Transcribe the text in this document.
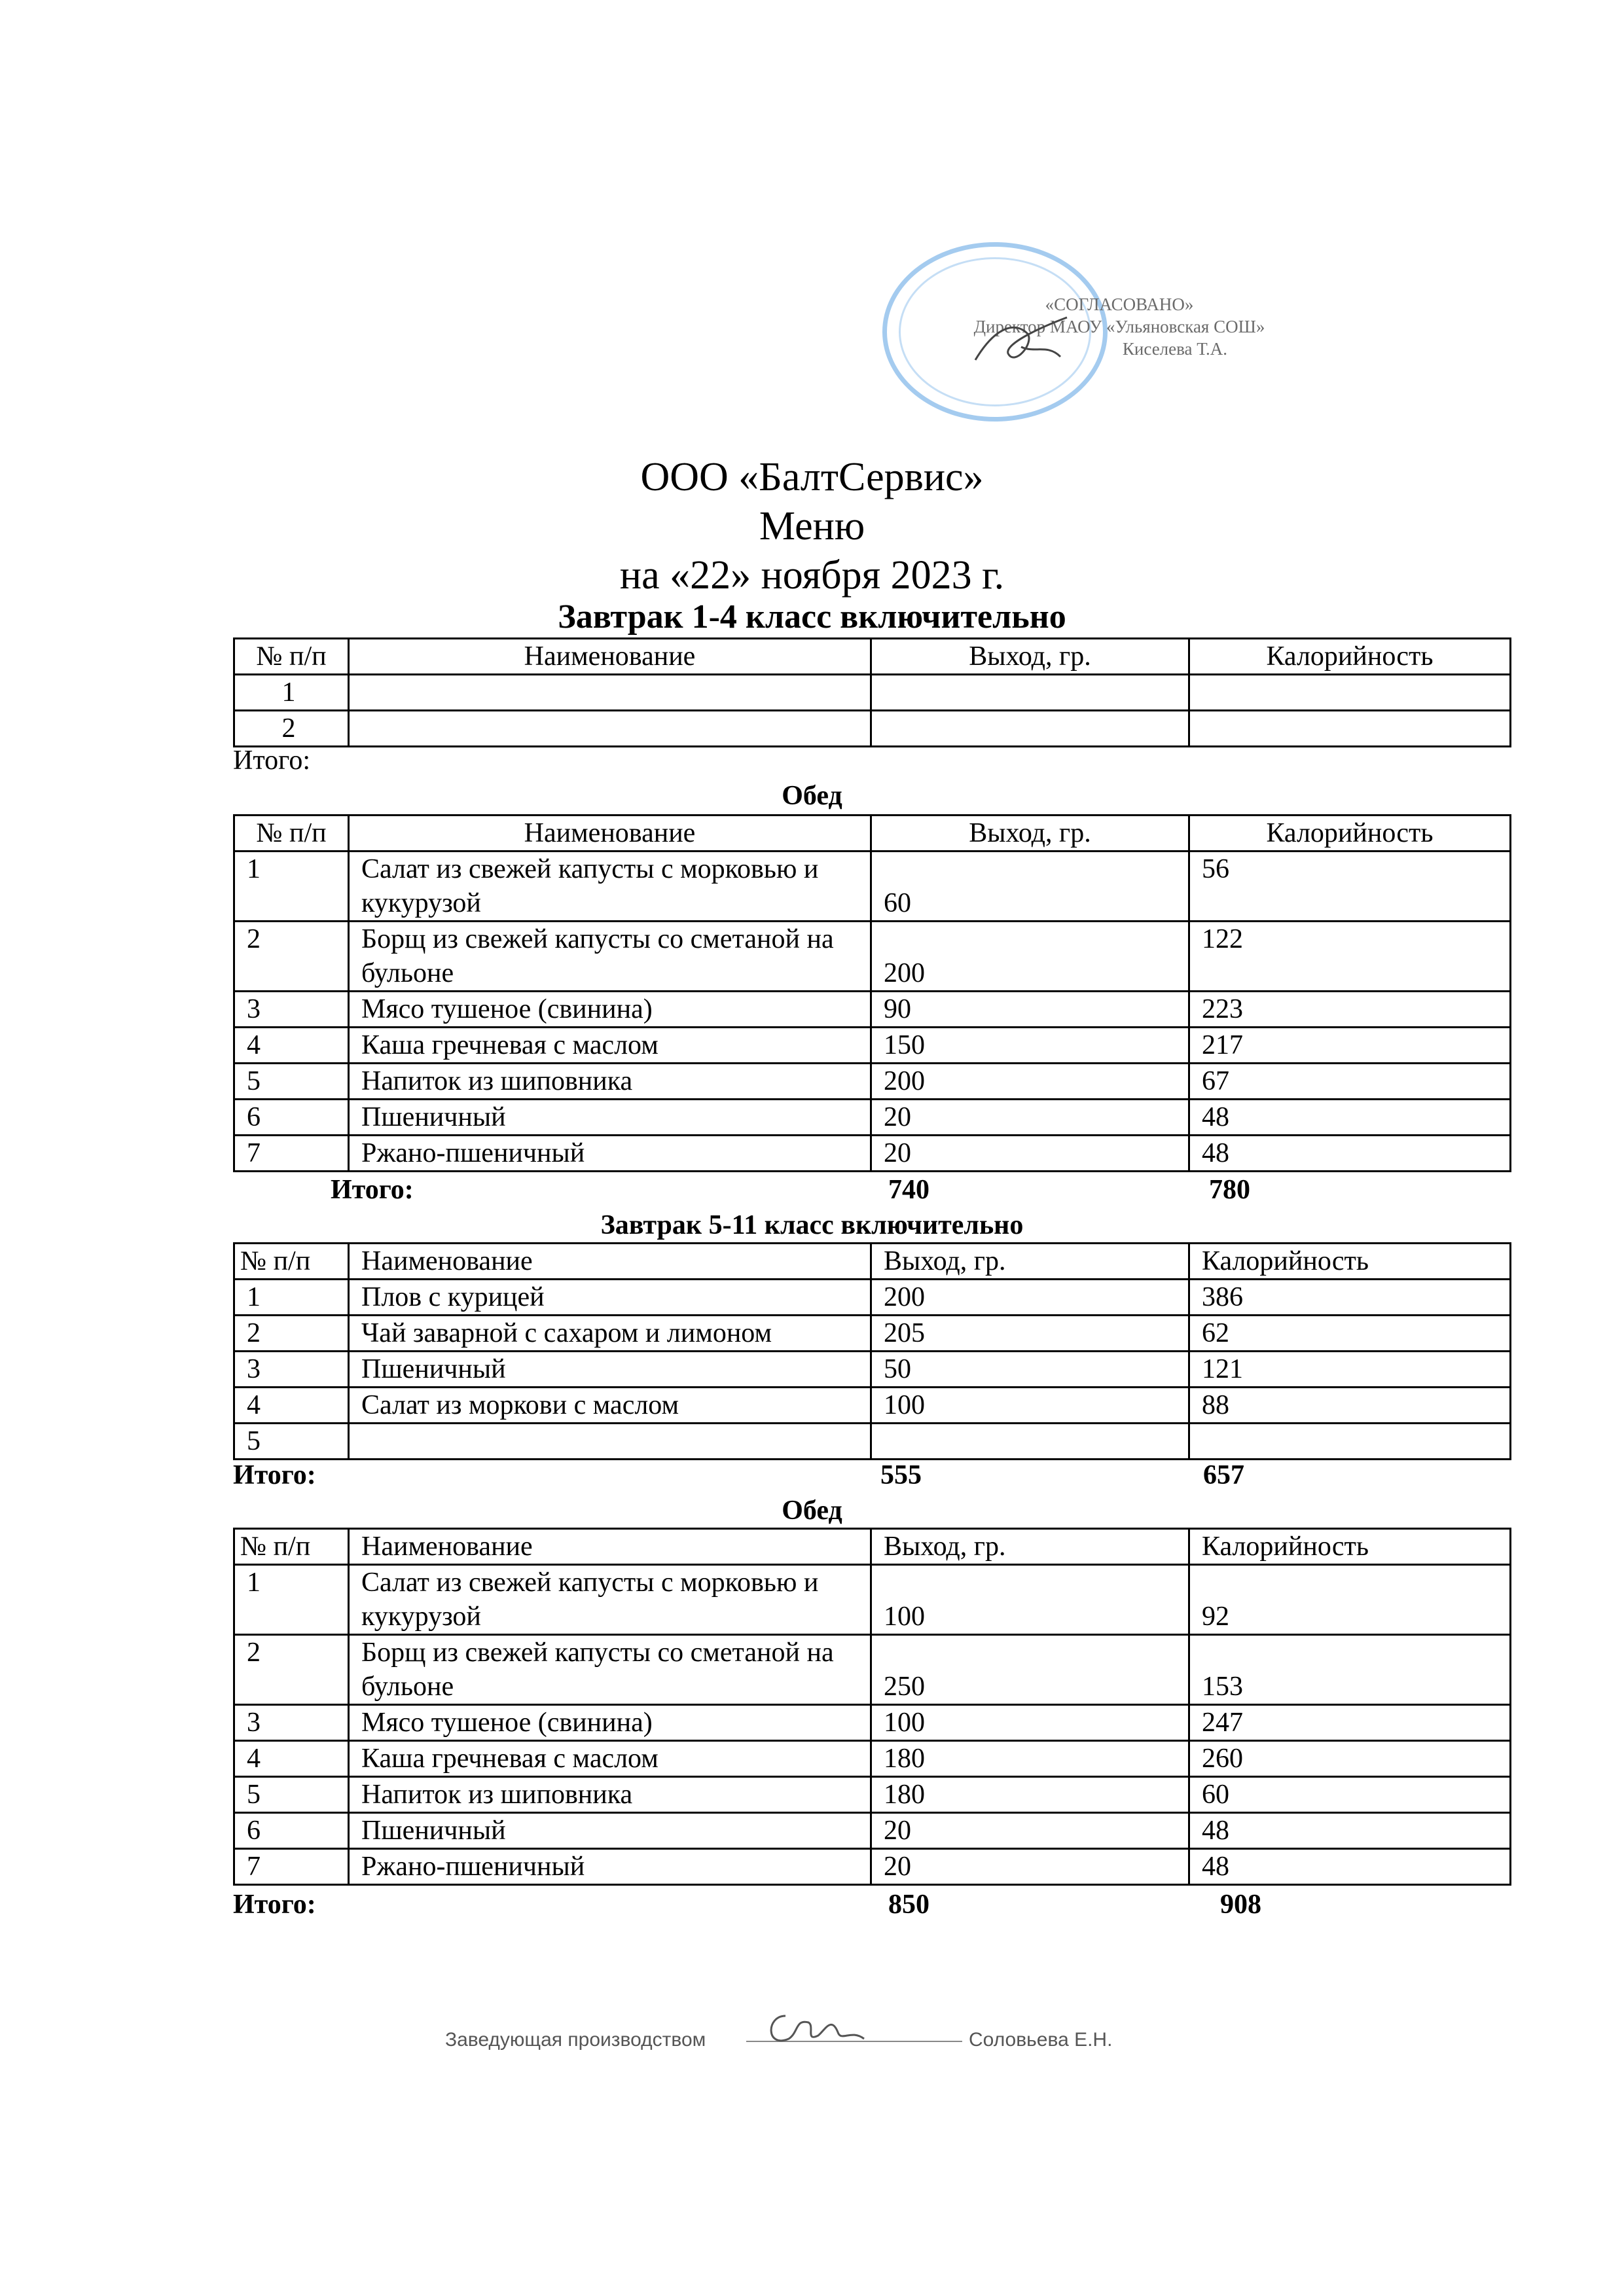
«СОГЛАСОВАНО»
Директор МАОУ «Ульяновская СОШ»
Киселева Т.А.
ООО «БалтСервис»
Меню
на «22» ноября 2023 г.
Завтрак 1-4 класс включительно
№ п/п	Наименование	Выход, гр.	Калорийность
1			
2			
Итого:
Обед
№ п/п	Наименование	Выход, гр.	Калорийность
1	Салат из свежей капусты с морковью и кукурузой	60	56
2	Борщ из свежей капусты со сметаной на бульоне	200	122
3	Мясо тушеное (свинина)	90	223
4	Каша гречневая с маслом	150	217
5	Напиток из шиповника	200	67
6	Пшеничный	20	48
7	Ржано-пшеничный	20	48
Итого:	740	780
Завтрак 5-11 класс включительно
№ п/п	Наименование	Выход, гр.	Калорийность
1	Плов с курицей	200	386
2	Чай заварной с сахаром и лимоном	205	62
3	Пшеничный	50	121
4	Салат из моркови с маслом	100	88
5			
Итого:	555	657
Обед
№ п/п	Наименование	Выход, гр.	Калорийность
1	Салат из свежей капусты с морковью и кукурузой	100	92
2	Борщ из свежей капусты со сметаной на бульоне	250	153
3	Мясо тушеное (свинина)	100	247
4	Каша гречневая с маслом	180	260
5	Напиток из шиповника	180	60
6	Пшеничный	20	48
7	Ржано-пшеничный	20	48
Итого:	850	908
Заведующая производством	Соловьева Е.Н.
